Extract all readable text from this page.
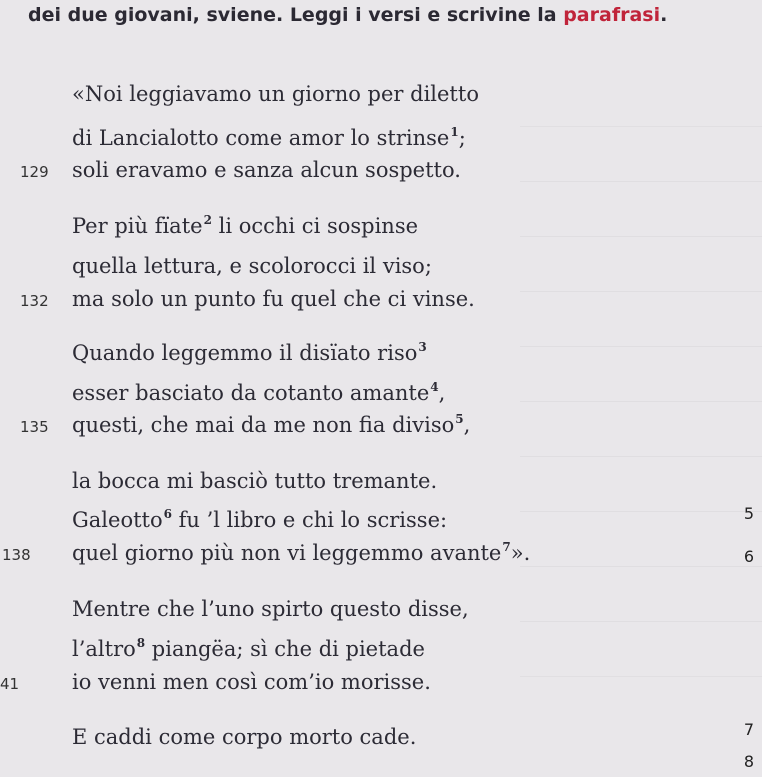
dei due giovani, sviene. Leggi i versi e scrivine la parafrasi.
«Noi leggiavamo un giorno per diletto
di Lancialotto come amor lo strinse$^1$;
129 soli eravamo e sanza alcun sospetto.
Per più fïate$^2$ li occhi ci sospinse
quella lettura, e scolorocci il viso;
132 ma solo un punto fu quel che ci vinse.
Quando leggemmo il disïato riso$^3$
esser basciato da cotanto amante$^4$,
135 questi, che mai da me non fia diviso$^5$,
la bocca mi basciò tutto tremante.
Galeotto$^6$ fu ’l libro e chi lo scrisse:
138 quel giorno più non vi leggemmo avante$^7$».
Mentre che l’uno spirto questo disse,
l’altro$^8$ piangëa; sì che di pietade
41	io venni men così com’io morisse.
E caddi come corpo morto cade.
5
6
7
8
